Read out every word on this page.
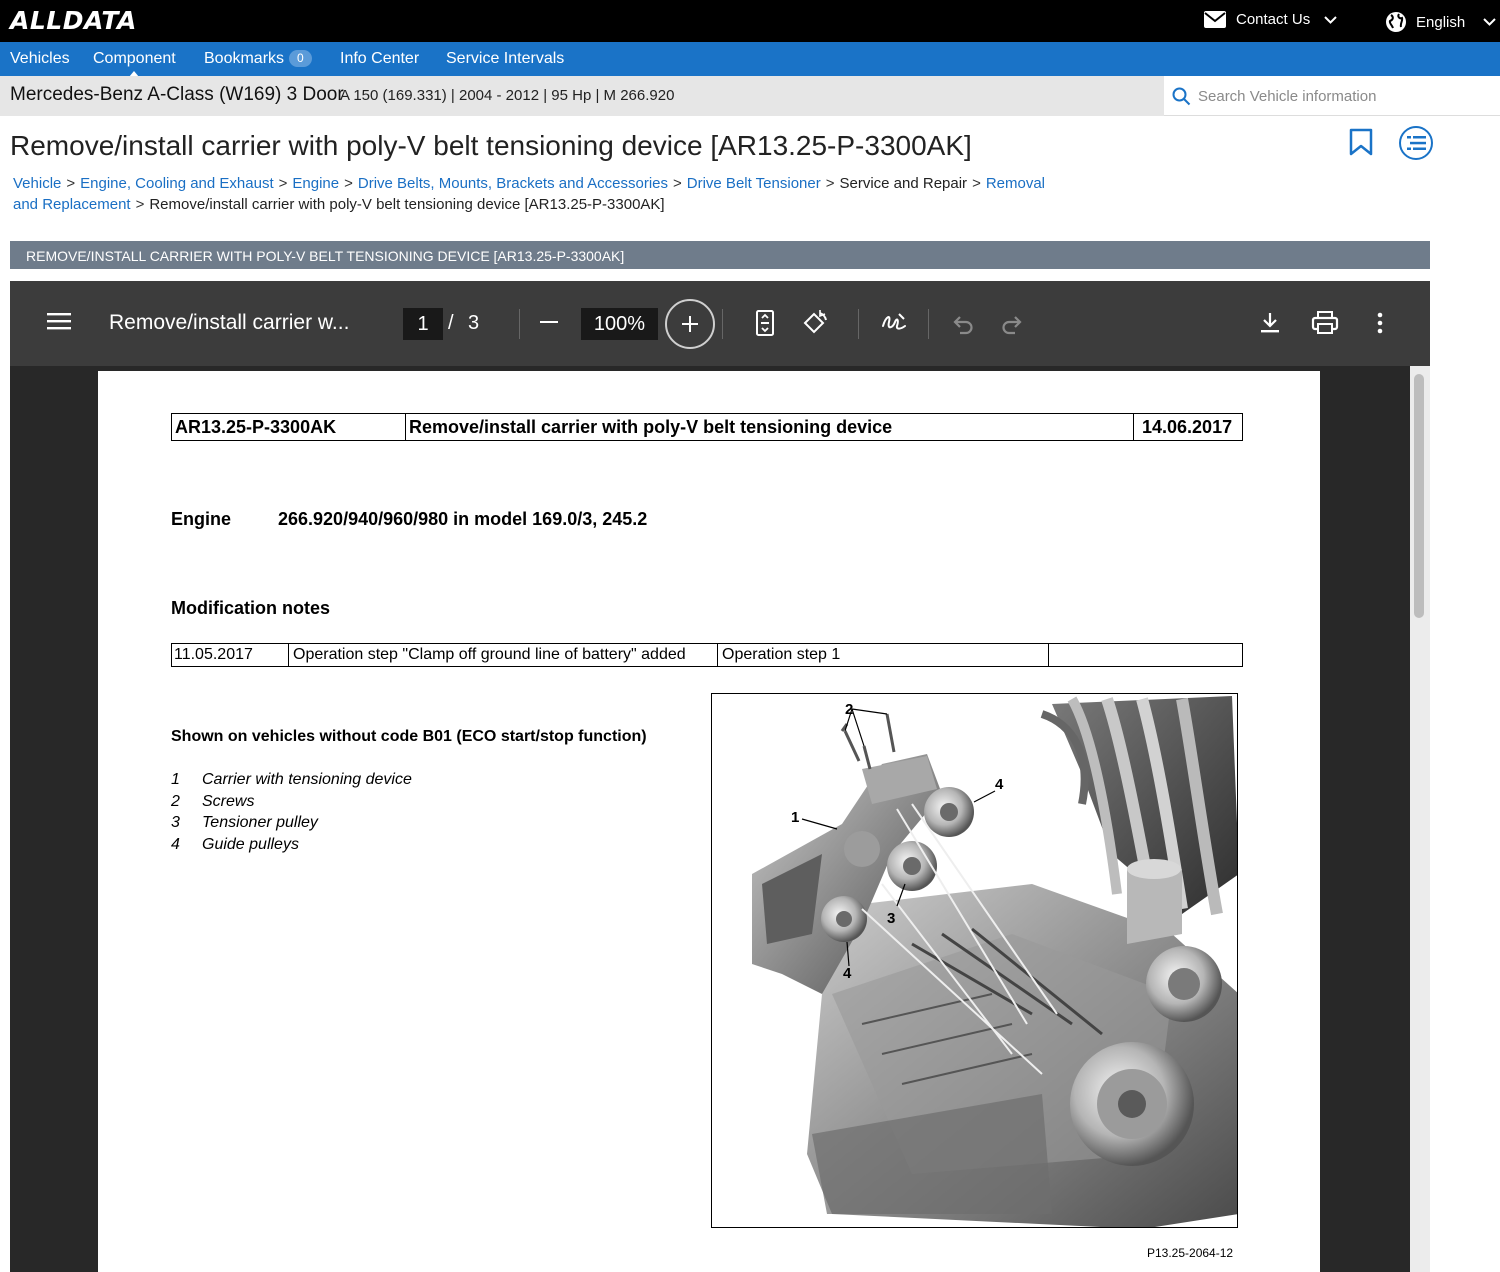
ALLDATA	Contact Us	English
Vehicles Component Bookmarks 0	Info Center Service Intervals
Mercedes-Benz A-Class (W169) 3 Door
A 150 (169.331) | 2004 - 2012 | 95 Hp | M 266.920
Search Vehicle information
Remove/install carrier with poly-V belt tensioning device [AR13.25-P-3300AK]
Vehicle > Engine, Cooling and Exhaust > Engine > Drive Belts, Mounts, Brackets and Accessories > Drive Belt Tensioner > Service and Repair > Removal and Replacement > Remove/install carrier with poly-V belt tensioning device [AR13.25-P-3300AK]
REMOVE/INSTALL CARRIER WITH POLY-V BELT TENSIONING DEVICE [AR13.25-P-3300AK]
Remove/install carrier w...	1 / 3	100%
AR13.25-P-3300AK	Remove/install carrier with poly-V belt tensioning device	14.06.2017
Engine	266.920/940/960/980 in model 169.0/3, 245.2
Modification notes
11.05.2017	Operation step "Clamp off ground line of battery" added	Operation step 1
Shown on vehicles without code B01 (ECO start/stop function)
1 Carrier with tensioning device
2 Screws
3 Tensioner pulley
4 Guide pulleys
2
1
4
3
4
P13.25-2064-12
